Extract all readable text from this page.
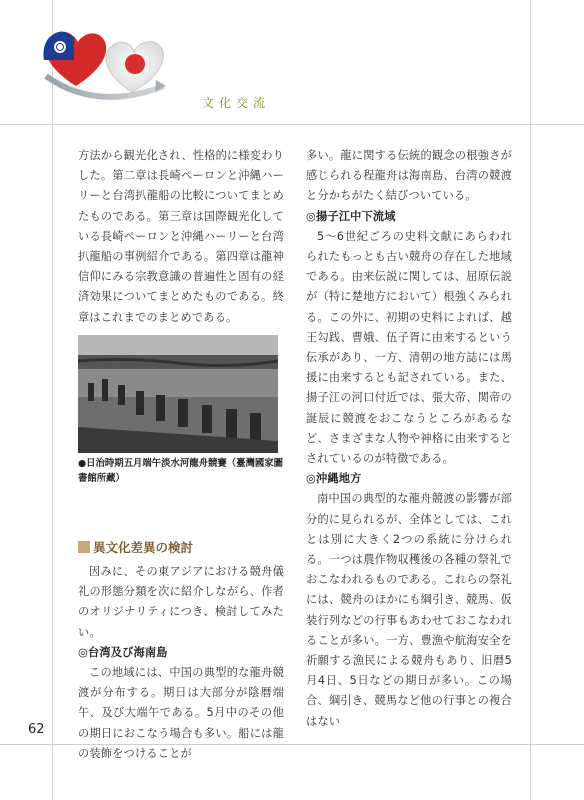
文化交流

方法から観光化され、性格的に様変わりした。第二章は長崎ペーロンと沖縄ハーリーと台湾扒龍船の比較についてまとめたものである。第三章は国際観光化している長崎ペーロンと沖縄ハーリーと台湾扒龍船の事例紹介である。第四章は龍神信仰にみる宗教意識の普遍性と固有の経済効果についてまとめたものである。終章はこれまでのまとめである。

●日治時期五月端午淡水河龍舟競賽（臺灣國家圖書館所藏）
異文化差異の検討

因みに、その東アジアにおける競舟儀礼の形態分類を次に紹介しながら、作者のオリジナリティにつき、検討してみたい。

◎台湾及び海南島

この地域には、中国の典型的な龍舟競渡が分布する。期日は大部分が陰暦端午、及び大端午である。5月中のその他の期日におこなう場合も多い。船には龍の装飾をつけることが

多い。龍に関する伝統的観念の根強さが感じられる程龍舟は海南島、台湾の競渡と分かちがたく結びついている。

◎揚子江中下流域

5～6世紀ごろの史料文献にあらわれられたもっとも古い競舟の存在した地域である。由来伝説に関しては、屈原伝説が（特に楚地方において）根強くみられる。この外に、初期の史料によれば、越王勾践、曹娥、伍子胥に由来するという伝承があり、一方、清朝の地方誌には馬援に由来するとも記されている。また、揚子江の河口付近では、張大帝、関帝の誕辰に競渡をおこなうところがあるなど、さまざまな人物や神格に由来するとされているのが特徴である。

◎沖縄地方

南中国の典型的な龍舟競渡の影響が部分的に見られるが、全体としては、これとは別に大きく2つの系統に分けられる。一つは農作物収穫後の各種の祭礼でおこなわれるものである。これらの祭礼には、競舟のほかにも綱引き、競馬、仮装行列などの行事もあわせておこなわれることが多い。一方、豊漁や航海安全を祈願する漁民による競舟もあり、旧暦5月4日、5日などの期日が多い。この場合、綱引き、競馬など他の行事との複合はない

62
